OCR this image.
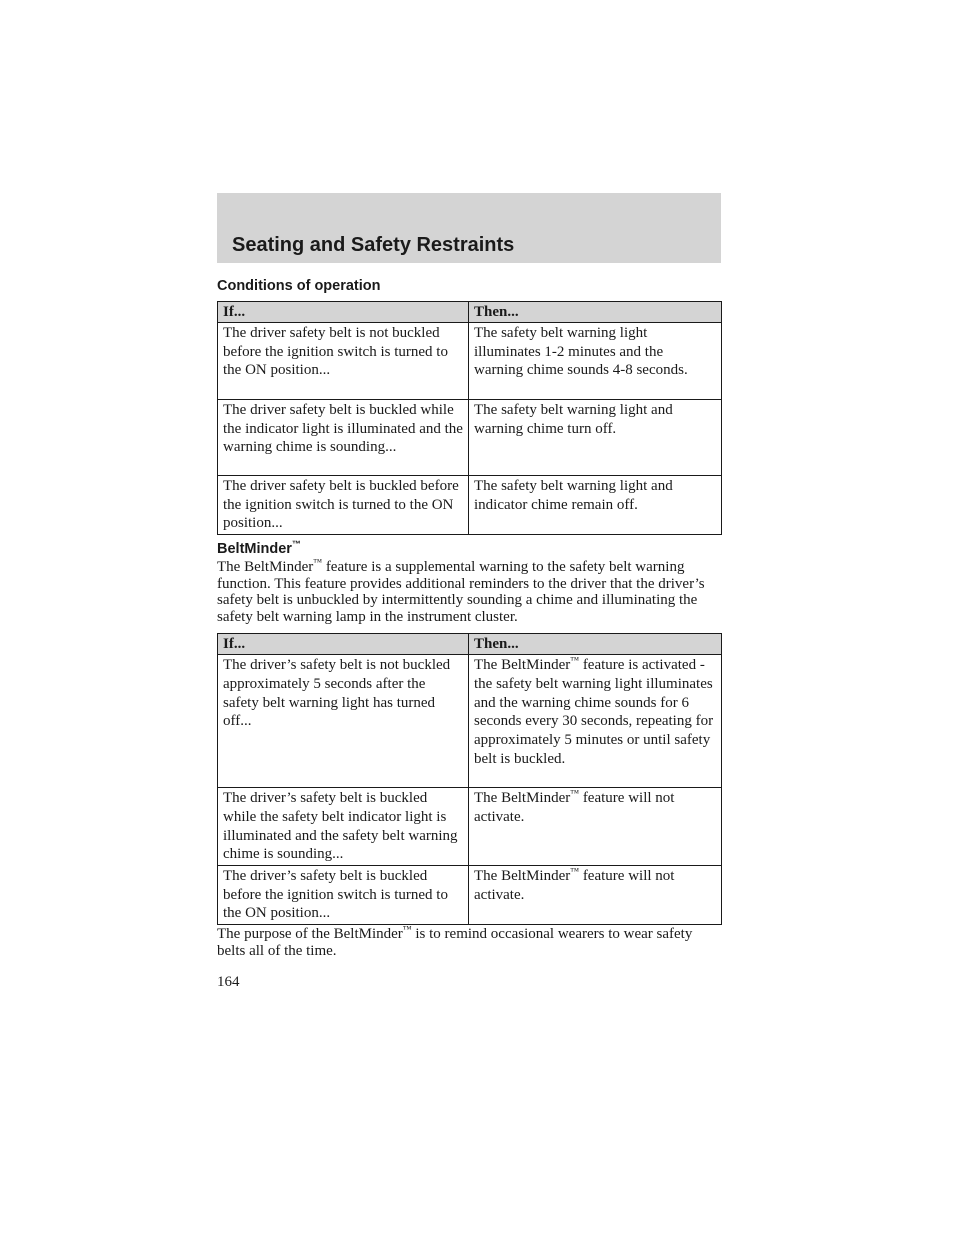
Seating and Safety Restraints
Conditions of operation
If...	Then...
The driver safety belt is not buckled before the ignition switch is turned to the ON position...	The safety belt warning light illuminates 1-2 minutes and the warning chime sounds 4-8 seconds.
The driver safety belt is buckled while the indicator light is illuminated and the warning chime is sounding...	The safety belt warning light and warning chime turn off.
The driver safety belt is buckled before the ignition switch is turned to the ON position...	The safety belt warning light and indicator chime remain off.
BeltMinder™

The BeltMinder™ feature is a supplemental warning to the safety belt warning function. This feature provides additional reminders to the driver that the driver’s safety belt is unbuckled by intermittently sounding a chime and illuminating the safety belt warning lamp in the instrument cluster.

If...	Then...
The driver’s safety belt is not buckled approximately 5 seconds after the safety belt warning light has turned off...	The BeltMinder™ feature is activated - the safety belt warning light illuminates and the warning chime sounds for 6 seconds every 30 seconds, repeating for approximately 5 minutes or until safety belt is buckled.
The driver’s safety belt is buckled while the safety belt indicator light is illuminated and the safety belt warning chime is sounding...	The BeltMinder™ feature will not activate.
The driver’s safety belt is buckled before the ignition switch is turned to the ON position...	The BeltMinder™ feature will not activate.

The purpose of the BeltMinder™ is to remind occasional wearers to wear safety belts all of the time.

164
